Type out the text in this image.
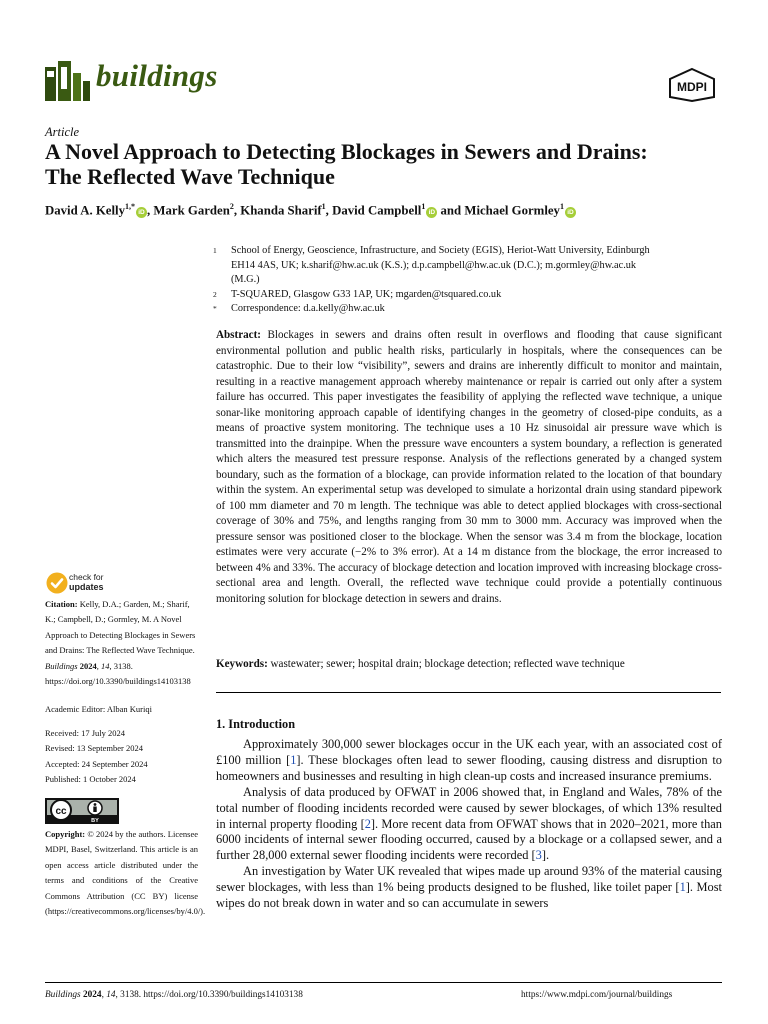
buildings	MDPI
Article
A Novel Approach to Detecting Blockages in Sewers and Drains: The Reflected Wave Technique
David A. Kelly$^{1,*}$iD , Mark Garden$^2$, Khanda Sharif$^1$, David Campbell$^1$iD and Michael Gormley$^1$iD
1	School of Energy, Geoscience, Infrastructure, and Society (EGIS), Heriot-Watt University, Edinburgh EH14 4AS, UK; k.sharif@hw.ac.uk (K.S.); d.p.campbell@hw.ac.uk (D.C.); m.gormley@hw.ac.uk (M.G.)
2	T-SQUARED, Glasgow G33 1AP, UK; mgarden@tsquared.co.uk
*	Correspondence: d.a.kelly@hw.ac.uk
Abstract: Blockages in sewers and drains often result in overflows and flooding that cause significant environmental pollution and public health risks, particularly in hospitals, where the consequences can be catastrophic. Due to their low “visibility”, sewers and drains are inherently difficult to monitor and maintain, resulting in a reactive management approach whereby maintenance or repair is carried out only after a system failure has occurred. This paper investigates the feasibility of applying the reflected wave technique, a unique sonar-like monitoring approach capable of identifying changes in the geometry of closed-pipe conduits, as a means of proactive system monitoring. The technique uses a 10 Hz sinusoidal air pressure wave which is transmitted into the drainpipe. When the pressure wave encounters a system boundary, a reflection is generated which alters the measured test pressure response. Analysis of the reflections generated by a changed system boundary, such as the formation of a blockage, can provide information related to the location of that boundary within the system. An experimental setup was developed to simulate a horizontal drain using standard pipework of 100 mm diameter and 70 m length. The technique was able to detect applied blockages with cross-sectional coverage of 30% and 75%, and lengths ranging from 30 mm to 3000 mm. Accuracy was improved when the pressure sensor was positioned closer to the blockage. When the sensor was 3.4 m from the blockage, location estimates were very accurate (−2% to 3% error). At a 14 m distance from the blockage, the error increased to between 4% and 33%. The accuracy of blockage detection and location improved with increasing blockage cross-sectional area and length. Overall, the reflected wave technique could provide a potentially continuous monitoring solution for blockage detection in sewers and drains.
Keywords: wastewater; sewer; hospital drain; blockage detection; reflected wave technique
check for
updates
Citation: Kelly, D.A.; Garden, M.; Sharif, K.; Campbell, D.; Gormley, M. A Novel Approach to Detecting Blockages in Sewers and Drains: The Reflected Wave Technique. Buildings 2024, 14, 3138. https://doi.org/10.3390/buildings14103138
Academic Editor: Alban Kuriqi
Received: 17 July 2024
Revised: 13 September 2024
Accepted: 24 September 2024
Published: 1 October 2024
cc
BY
Copyright: © 2024 by the authors. Licensee MDPI, Basel, Switzerland. This article is an open access article distributed under the terms and conditions of the Creative Commons Attribution (CC BY) license (https://creativecommons.org/licenses/by/4.0/).
1. Introduction

Approximately 300,000 sewer blockages occur in the UK each year, with an associated cost of £100 million [1]. These blockages often lead to sewer flooding, causing distress and disruption to homeowners and businesses and resulting in high clean-up costs and increased insurance premiums.

Analysis of data produced by OFWAT in 2006 showed that, in England and Wales, 78% of the total number of flooding incidents recorded were caused by sewer blockages, of which 13% resulted in internal property flooding [2]. More recent data from OFWAT shows that in 2020–2021, more than 6000 incidents of internal sewer flooding occurred, caused by a blockage or a collapsed sewer, and a further 28,000 external sewer flooding incidents were recorded [3].

An investigation by Water UK revealed that wipes made up around 93% of the material causing sewer blockages, with less than 1% being products designed to be flushed, like toilet paper [1]. Most wipes do not break down in water and so can accumulate in sewers

Buildings 2024, 14, 3138. https://doi.org/10.3390/buildings14103138	https://www.mdpi.com/journal/buildings
